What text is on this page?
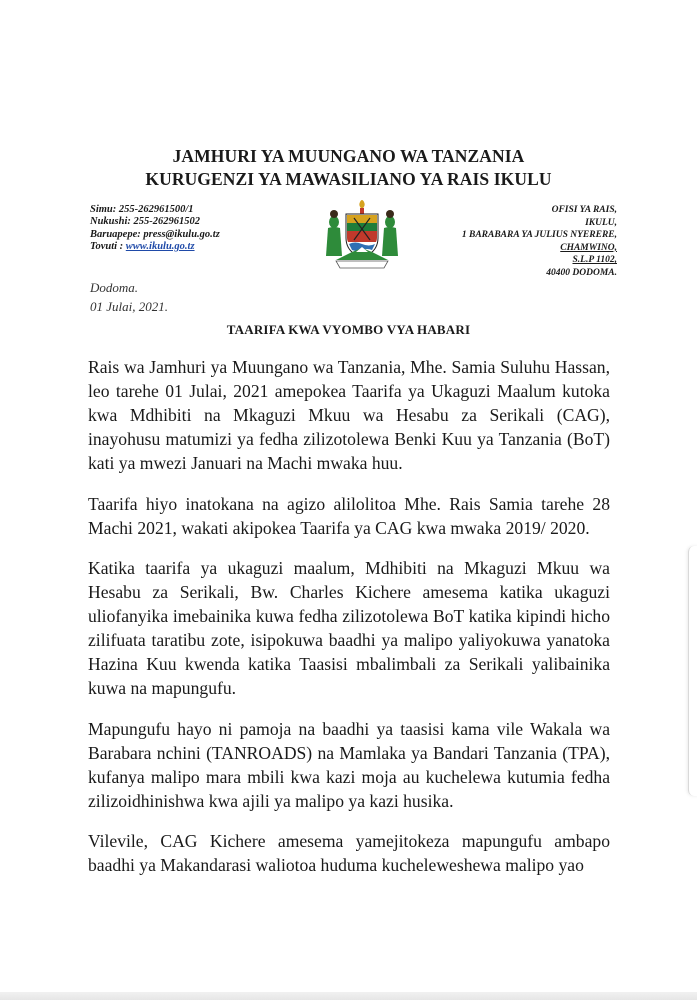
JAMHURI YA MUUNGANO WA TANZANIA
KURUGENZI YA MAWASILIANO YA RAIS IKULU
Simu: 255-262961500/1
Nukushi: 255-262961502
Baruapepe: press@ikulu.go.tz
Tovuti : www.ikulu.go.tz
OFISI YA RAIS,
IKULU,
1 BARABARA YA JULIUS NYERERE,
CHAMWINO,
S.L.P 1102,
40400 DODOMA.
Dodoma.
01 Julai, 2021.
TAARIFA KWA VYOMBO VYA HABARI

Rais wa Jamhuri ya Muungano wa Tanzania, Mhe. Samia Suluhu Hassan, leo tarehe 01 Julai, 2021 amepokea Taarifa ya Ukaguzi Maalum kutoka kwa Mdhibiti na Mkaguzi Mkuu wa Hesabu za Serikali (CAG), inayohusu matumizi ya fedha zilizotolewa Benki Kuu ya Tanzania (BoT) kati ya mwezi Januari na Machi mwaka huu.

Taarifa hiyo inatokana na agizo alilolitoa Mhe. Rais Samia tarehe 28 Machi 2021, wakati akipokea Taarifa ya CAG kwa mwaka 2019/ 2020.

Katika taarifa ya ukaguzi maalum, Mdhibiti na Mkaguzi Mkuu wa Hesabu za Serikali, Bw. Charles Kichere amesema katika ukaguzi uliofanyika imebainika kuwa fedha zilizotolewa BoT katika kipindi hicho zilifuata taratibu zote, isipokuwa baadhi ya malipo yaliyokuwa yanatoka Hazina Kuu kwenda katika Taasisi mbalimbali za Serikali yalibainika kuwa na mapungufu.

Mapungufu hayo ni pamoja na baadhi ya taasisi kama vile Wakala wa Barabara nchini (TANROADS) na Mamlaka ya Bandari Tanzania (TPA), kufanya malipo mara mbili kwa kazi moja au kuchelewa kutumia fedha zilizoidhinishwa kwa ajili ya malipo ya kazi husika.

Vilevile, CAG Kichere amesema yamejitokeza mapungufu ambapo baadhi ya Makandarasi waliotoa huduma kucheleweshewa malipo yao
